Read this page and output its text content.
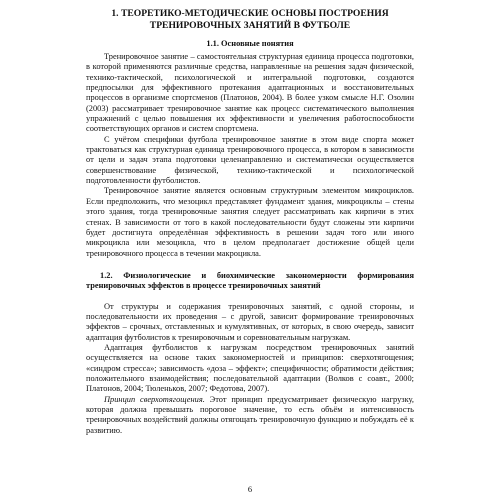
1. ТЕОРЕТИКО-МЕТОДИЧЕСКИЕ ОСНОВЫ ПОСТРОЕНИЯ ТРЕНИРОВОЧНЫХ ЗАНЯТИЙ В ФУТБОЛЕ
1.1. Основные понятия

Тренировочное занятие – самостоятельная структурная единица процесса подготовки, в которой применяются различные средства, направленные на решения задач физической, технико-тактической, психологической и интегральной подготовки, создаются предпосылки для эффективного протекания адаптационных и восстановительных процессов в организме спортсменов (Платонов, 2004). В более узком смысле Н.Г. Озолин (2003) рассматривает тренировочное занятие как процесс систематического выполнения упражнений с целью повышения их эффективности и увеличения работоспособности соответствующих органов и систем спортсмена.

С учётом специфики футбола тренировочное занятие в этом виде спорта может трактоваться как структурная единица тренировочного процесса, в котором в зависимости от цели и задач этапа подготовки целенаправленно и систематически осуществляется совершенствование физической, технико-тактической и психологической подготовленности футболистов.

Тренировочное занятие является основным структурным элементом микроциклов. Если предположить, что мезоцикл представляет фундамент здания, микроциклы – стены этого здания, тогда тренировочные занятия следует рассматривать как кирпичи в этих стенах. В зависимости от того в какой последовательности будут сложены эти кирпичи будет достигнута определённая эффективность в решении задач того или иного микроцикла или мезоцикла, что в целом предполагает достижение общей цели тренировочного процесса в течении макроцикла.

1.2. Физиологические и биохимические закономерности формирования тренировочных эффектов в процессе тренировочных занятий

От структуры и содержания тренировочных занятий, с одной стороны, и последовательности их проведения – с другой, зависит формирование тренировочных эффектов – срочных, отставленных и кумулятивных, от которых, в свою очередь, зависит адаптация футболистов к тренировочным и соревновательным нагрузкам.

Адаптация футболистов к нагрузкам посредством тренировочных занятий осуществляется на основе таких закономерностей и принципов: сверхотягощения; «синдром стресса»; зависимость «доза – эффект»; специфичности; обратимости действия; положительного взаимодействия; последовательной адаптации (Волков с соавт., 2000; Платонов, 2004; Тюленьков, 2007; Федотова, 2007).

Принцип сверхотягощения. Этот принцип предусматривает физическую нагрузку, которая должна превышать пороговое значение, то есть объём и интенсивность тренировочных воздействий должны отягощать тренировочную функцию и побуждать её к развитию.

6
